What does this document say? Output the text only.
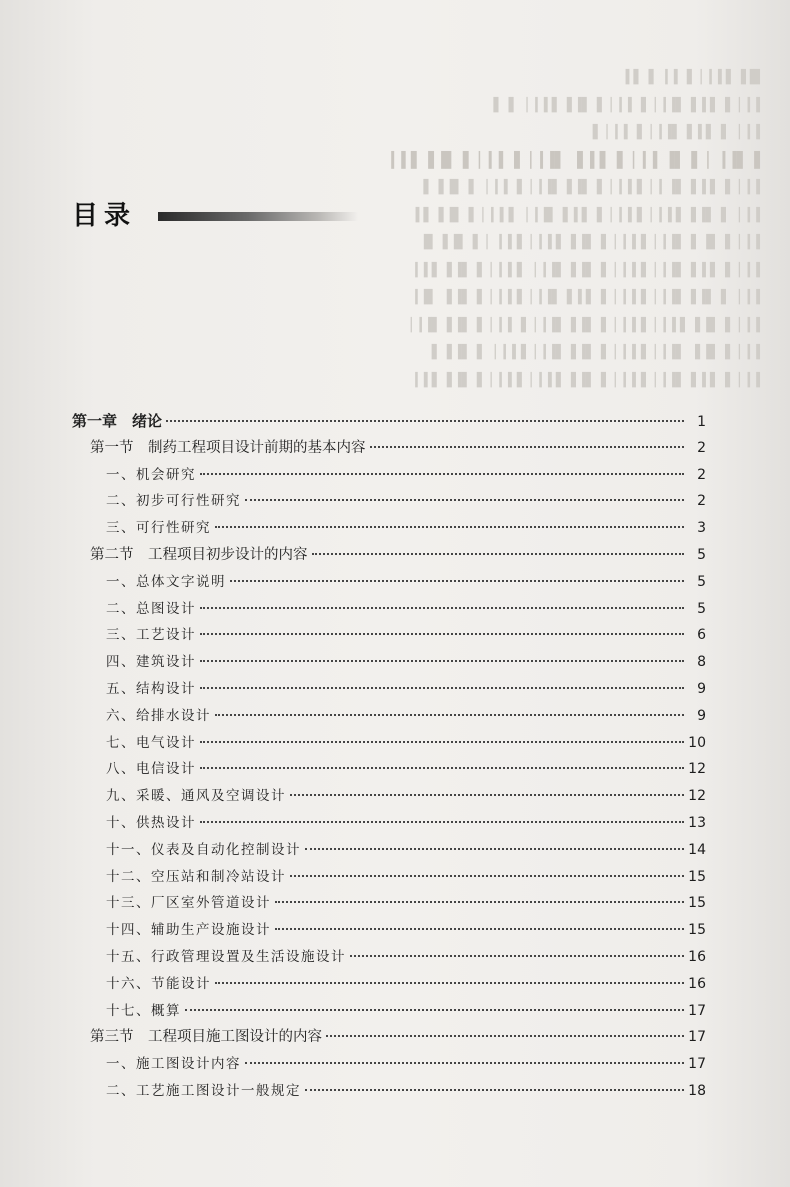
█ ▌▐ ▍▎▏▌ ▍▎ ▌▐ ▍
▍▎▏▌▐ ▍▌▐▍▎▏▌ ▍▎▏▌▐▍▌▐ ▍▎▏ ▌▐
▍▎▏ ▌▐ ▍▌▐▍▎▏▌ ▍▎▏▌
▌▐▍▎ ▏▌▐▍ ▍▎▏▌▐ ▍▌ ▐▍▎▏▌ ▍▎▏▌▐▍▌▐ ▍▎
▍▎▏▌▐ ▍▌▐▍ ▎▏▌▍▎▏▌▐▍▌▐▍▎▏▌ ▍▎▏ ▌▐▍▌▐
▍▎▏ ▌▐▍▌▐ ▍▎▏▌▍▎▏▌▐ ▍▌▐▍▎▏ ▌▍▎▏▌▐▍▌▐ ▍
▍▎▏▌▐▍ ▌▐▍▎▏▌▍▎▏▌▐▍▌▐ ▍▎▏▌▍▎ ▏▌▐▍▌▐▍
▍▎▏▌▐ ▍▌▐▍▎▏▌▍▎▏▌▐▍▌▐▍▎▏ ▌▍▎▏▌▐▍▌▐ ▍▎
▍▎▏ ▌▐▍▌▐▍▎▏▌▍▎▏▌▐ ▍▌▐▍▎▏▌▍▎▏▌▐▍▌ ▐▍▎
▍▎▏▌▐▍▌▐ ▍▎▏▌▍▎▏▌▐▍▌▐▍▎▏▌ ▍▎▏▌▐▍▌▐▍▎▏
▍▎▏▌▐▍▌ ▐▍▎▏▌▍▎▏▌▐▍▌▐▍▎▏▌▍▎▏ ▌▐▍▌▐
▍▎▏▌▐ ▍▌▐▍▎▏▌▍▎▏▌▐▍▌▐ ▍▎▏▌▍▎▏▌▐▍▌▐ ▍▎
目录
第一章　绪论	1
第一节　制药工程项目设计前期的基本内容	2
一、机会研究	2
二、初步可行性研究	2
三、可行性研究	3
第二节　工程项目初步设计的内容	5
一、总体文字说明	5
二、总图设计	5
三、工艺设计	6
四、建筑设计	8
五、结构设计	9
六、给排水设计	9
七、电气设计	10
八、电信设计	12
九、采暖、通风及空调设计	12
十、供热设计	13
十一、仪表及自动化控制设计	14
十二、空压站和制冷站设计	15
十三、厂区室外管道设计	15
十四、辅助生产设施设计	15
十五、行政管理设置及生活设施设计	16
十六、节能设计	16
十七、概算	17
第三节　工程项目施工图设计的内容	17
一、施工图设计内容	17
二、工艺施工图设计一般规定	18
